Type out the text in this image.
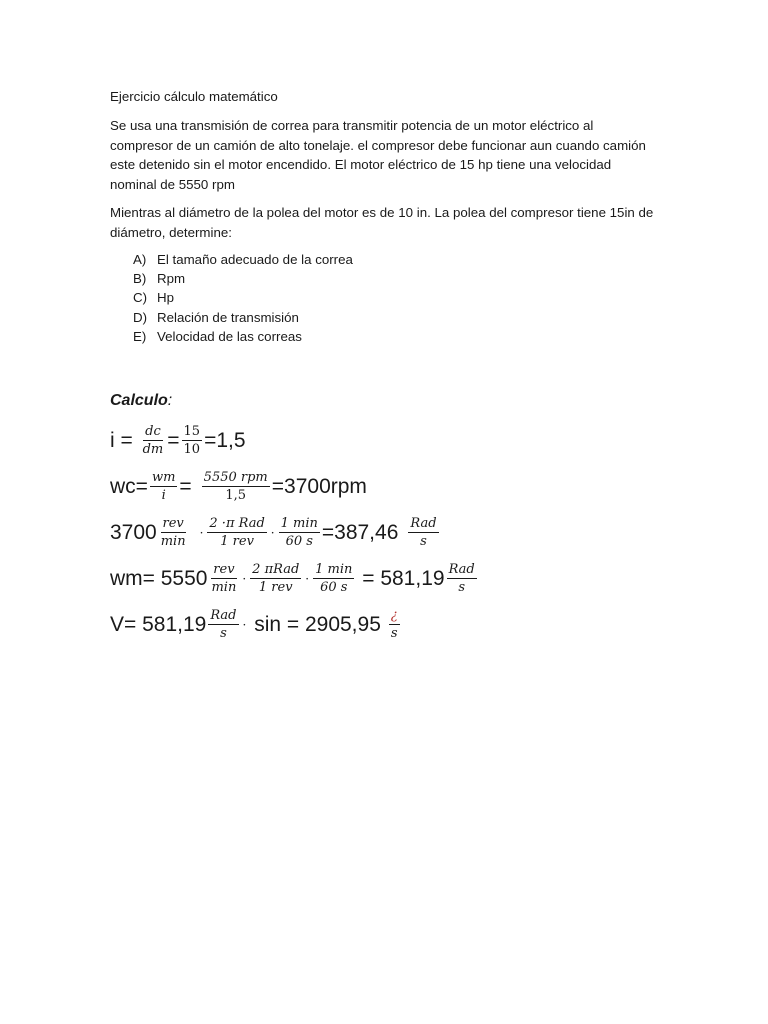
Ejercicio cálculo matemático
Se usa una transmisión de correa para transmitir potencia de un motor eléctrico al compresor de un camión de alto tonelaje. el compresor debe funcionar aun cuando camión este detenido sin el motor encendido. El motor eléctrico de 15 hp tiene una velocidad nominal de 5550 rpm
Mientras al diámetro de la polea del motor es de 10 in. La polea del compresor tiene 15in de diámetro, determine:
A) El tamaño adecuado de la correa
B) Rpm
C) Hp
D) Relación de transmisión
E) Velocidad de las correas
Calculo:
i =
$\frac{dc}{dm} = \frac{15}{10} =1,5$
$wc= \frac{wm}{i} = \frac{\text{5550 rpm}}{1,5} =3700rpm$
$3700 \frac{\text{rev}}{\min} \cdot \frac{\text{2 ·π Rad}}{\text{1 rev}} \cdot \frac{1 \min}{60 s} =387,46 \frac{\text{Rad}}{s}$
$wm= 5550 \frac{\text{rev}}{\min} \cdot \frac{\text{2 πRad}}{\text{1 rev}} \cdot \frac{1 \min}{60 s}$
= $581,19 \frac{\text{Rad}}{s}$
$V= 581,19 \frac{\text{Rad}}{s}$ ·
sin = 2905,95
$\frac{¿}{s}$
